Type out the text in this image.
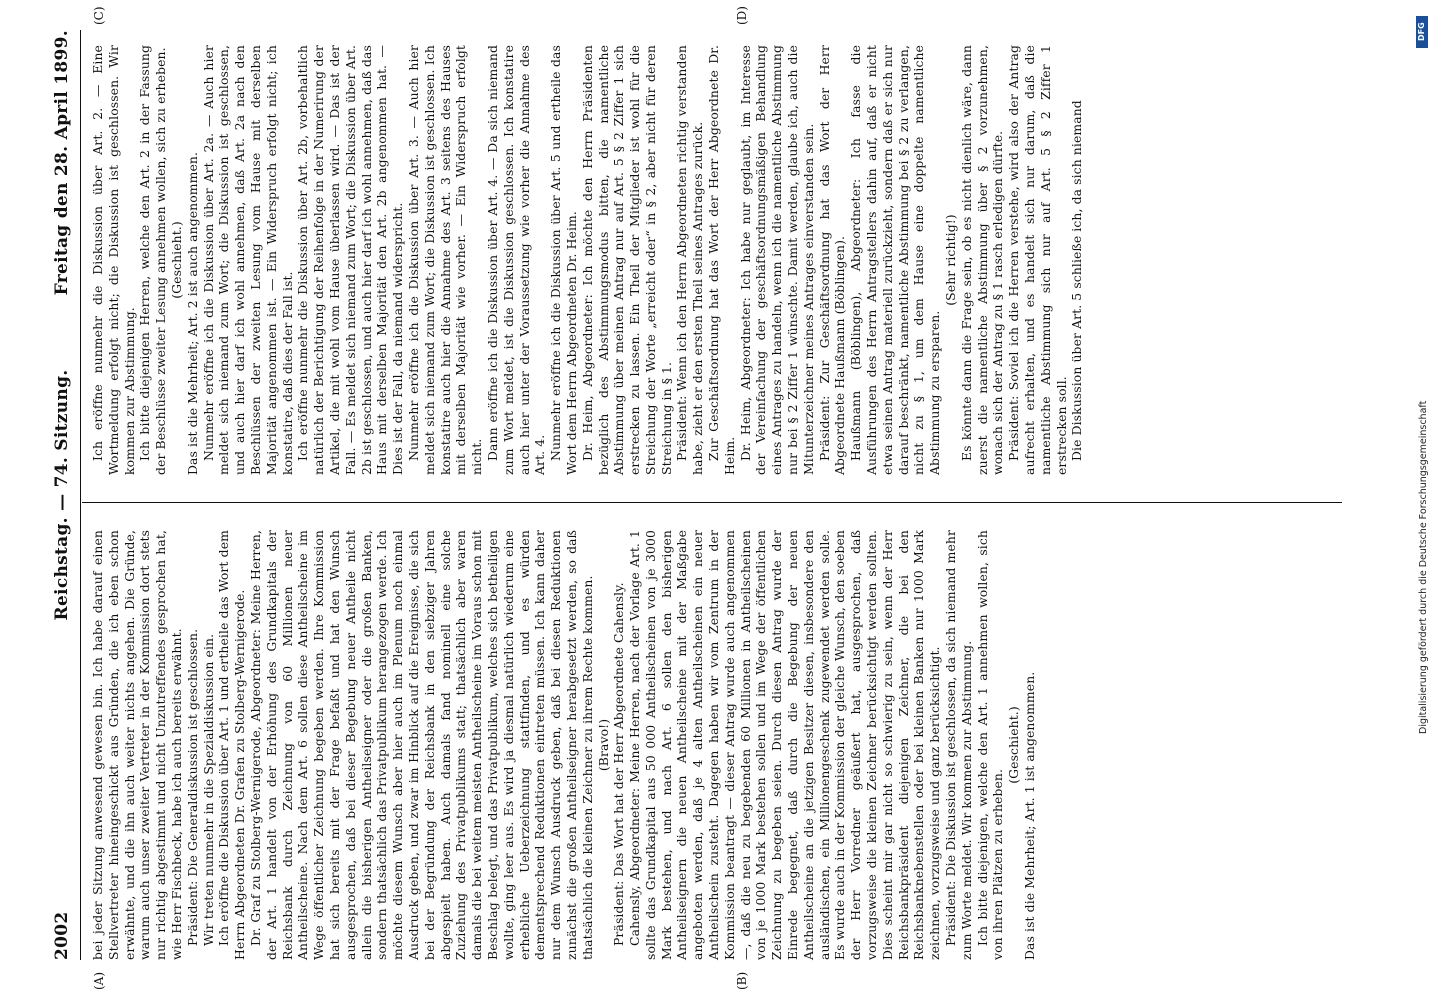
2002
Reichstag. — 74. Sitzung.
Freitag den 28. April 1899.
(A)	(B)
(C)	(D)

bei jeder Sitzung anwesend gewesen bin. Ich habe darauf einen Stellvertreter hineingeschickt aus Gründen, die ich eben schon erwähnte, und die ihn auch weiter nichts angehen. Die Gründe, warum auch unser zweiter Vertreter in der Kommission dort stets nur richtig abgestimmt und nicht Unzutreffendes gesprochen hat, wie Herr Fischbeck, habe ich auch bereits erwähnt. Präsident: Die Generaldiskussion ist geschlossen. Wir treten nunmehr in die Spezialdiskussion ein. Ich eröffne die Diskussion über Art. 1 und ertheile das Wort dem Herrn Abgeordneten Dr. Grafen zu Stolberg-Wernigerode. Dr. Graf zu Stolberg-Wernigerode, Abgeordneter: Meine Herren, der Art. 1 handelt von der Erhöhung des Grundkapitals der Reichsbank durch Zeichnung von 60 Millionen neuer Antheilscheine. Nach dem Art. 6 sollen diese Antheilscheine im Wege öffentlicher Zeichnung begeben werden. Ihre Kommission hat sich bereits mit der Frage befaßt und hat den Wunsch ausgesprochen, daß bei dieser Begebung neuer Antheile nicht allein die bisherigen Antheilseigner oder die großen Banken, sondern thatsächlich das Privatpublikum herangezogen werde. Ich möchte diesem Wunsch aber hier auch im Plenum noch einmal Ausdruck geben, und zwar im Hinblick auf die Ereignisse, die sich bei der Begründung der Reichsbank in den siebziger Jahren abgespielt haben. Auch damals fand nominell eine solche Zuziehung des Privatpublikums statt; thatsächlich aber waren damals die bei weitem meisten Antheilscheine im Voraus schon mit Beschlag belegt, und das Privatpublikum, welches sich betheiligen wollte, ging leer aus. Es wird ja diesmal natürlich wiederum eine erhebliche Ueberzeichnung stattfinden, und es würden dementsprechend Reduktionen eintreten müssen. Ich kann daher nur dem Wunsch Ausdruck geben, daß bei diesen Reduktionen zunächst die großen Antheilseigner herabgesetzt werden, so daß thatsächlich die kleinen Zeichner zu ihrem Rechte kommen. (Bravo!) Präsident: Das Wort hat der Herr Abgeordnete Cahensly. Cahensly, Abgeordneter: Meine Herren, nach der Vorlage Art. 1 sollte das Grundkapital aus 50 000 Antheilscheinen von je 3000 Mark bestehen, und nach Art. 6 sollen den bisherigen Antheilseignern die neuen Antheilscheine mit der Maßgabe angeboten werden, daß je 4 alten Antheilscheinen ein neuer Antheilschein zusteht. Dagegen haben wir vom Zentrum in der Kommission beantragt — dieser Antrag wurde auch angenommen —, daß die neu zu begebenden 60 Millionen in Antheilscheinen von je 1000 Mark bestehen sollen und im Wege der öffentlichen Zeichnung zu begeben seien. Durch diesen Antrag wurde der Einrede begegnet, daß durch die Begebung der neuen Antheilscheine an die jetzigen Besitzer diesen, insbesondere den ausländischen, ein Millionengeschenk zugewendet werden solle. Es wurde auch in der Kommission der gleiche Wunsch, den soeben der Herr Vorredner geäußert hat, ausgesprochen, daß vorzugsweise die kleinen Zeichner berücksichtigt werden sollten. Dies scheint mir gar nicht so schwierig zu sein, wenn der Herr Reichsbankpräsident diejenigen Zeichner, die bei den Reichsbanknebenstellen oder bei kleinen Banken nur 1000 Mark zeichnen, vorzugsweise und ganz berücksichtigt. Präsident: Die Diskussion ist geschlossen, da sich niemand mehr zum Worte meldet. Wir kommen zur Abstimmung. Ich bitte diejenigen, welche den Art. 1 annehmen wollen, sich von ihren Plätzen zu erheben.

(Geschieht.) Das ist die Mehrheit; Art. 1 ist angenommen.

Ich eröffne nunmehr die Diskussion über Art. 2. — Eine Wortmeldung erfolgt nicht; die Diskussion ist geschlossen. Wir kommen zur Abstimmung. Ich bitte diejenigen Herren, welche den Art. 2 in der Fassung der Beschlüsse zweiter Lesung annehmen wollen, sich zu erheben. (Geschieht.) Das ist die Mehrheit; Art. 2 ist auch angenommen. Nunmehr eröffne ich die Diskussion über Art. 2a. — Auch hier meldet sich niemand zum Wort; die Diskussion ist geschlossen, und auch hier darf ich wohl annehmen, daß Art. 2a nach den Beschlüssen der zweiten Lesung vom Hause mit derselben Majorität angenommen ist. — Ein Widerspruch erfolgt nicht; ich konstatire, daß dies der Fall ist. Ich eröffne nunmehr die Diskussion über Art. 2b, vorbehaltlich natürlich der Berichtigung der Reihenfolge in der Numerirung der Artikel, die mit wohl vom Hause überlassen wird. — Das ist der Fall. — Es meldet sich niemand zum Wort; die Diskussion über Art. 2b ist geschlossen, und auch hier darf ich wohl annehmen, daß das Haus mit derselben Majorität den Art. 2b angenommen hat. — Dies ist der Fall, da niemand widerspricht. Nunmehr eröffne ich die Diskussion über Art. 3. — Auch hier meldet sich niemand zum Wort; die Diskussion ist geschlossen. Ich konstatire auch hier die Annahme des Art. 3 seitens des Hauses mit derselben Majorität wie vorher. — Ein Widerspruch erfolgt nicht. Dann eröffne ich die Diskussion über Art. 4. — Da sich niemand zum Wort meldet, ist die Diskussion geschlossen. Ich konstatire auch hier unter der Voraussetzung wie vorher die Annahme des Art. 4. Nunmehr eröffne ich die Diskussion über Art. 5 und ertheile das Wort dem Herrn Abgeordneten Dr. Heim. Dr. Heim, Abgeordneter: Ich möchte den Herrn Präsidenten bezüglich des Abstimmungsmodus bitten, die namentliche Abstimmung über meinen Antrag nur auf Art. 5 § 2 Ziffer 1 sich erstrecken zu lassen. Ein Theil der Mitglieder ist wohl für die Streichung der Worte „erreicht oder“ in § 2, aber nicht für deren Streichung in § 1. Präsident: Wenn ich den Herrn Abgeordneten richtig verstanden habe, zieht er den ersten Theil seines Antrages zurück. Zur Geschäftsordnung hat das Wort der Herr Abgeordnete Dr. Heim. Dr. Heim, Abgeordneter: Ich habe nur geglaubt, im Interesse der Vereinfachung der geschäftsordnungsmäßigen Behandlung eines Antrages zu handeln, wenn ich die namentliche Abstimmung nur bei § 2 Ziffer 1 wünschte. Damit werden, glaube ich, auch die Mitunterzeichner meines Antrages einverstanden sein. Präsident: Zur Geschäftsordnung hat das Wort der Herr Abgeordnete Haußmann (Böblingen). Haußmann (Böblingen), Abgeordneter: Ich fasse die Ausführungen des Herrn Antragstellers dahin auf, daß er nicht etwa seinen Antrag materiell zurückzieht, sondern daß er sich nur darauf beschränkt, namentliche Abstimmung bei § 2 zu verlangen, nicht zu § 1, um dem Hause eine doppelte namentliche Abstimmung zu ersparen.

(Sehr richtig!) Es könnte dann die Frage sein, ob es nicht dienlich wäre, dann zuerst die namentliche Abstimmung über § 2 vorzunehmen, wonach sich der Antrag zu § 1 rasch erledigen dürfte. Präsident: Soviel ich die Herren verstehe, wird also der Antrag aufrecht erhalten, und es handelt sich nur darum, daß die namentliche Abstimmung sich nur auf Art. 5 § 2 Ziffer 1 erstrecken soll. Die Diskussion über Art. 5 schließe ich, da sich niemand

DFG
Digitalisierung gefördert durch die Deutsche Forschungsgemeinschaft
